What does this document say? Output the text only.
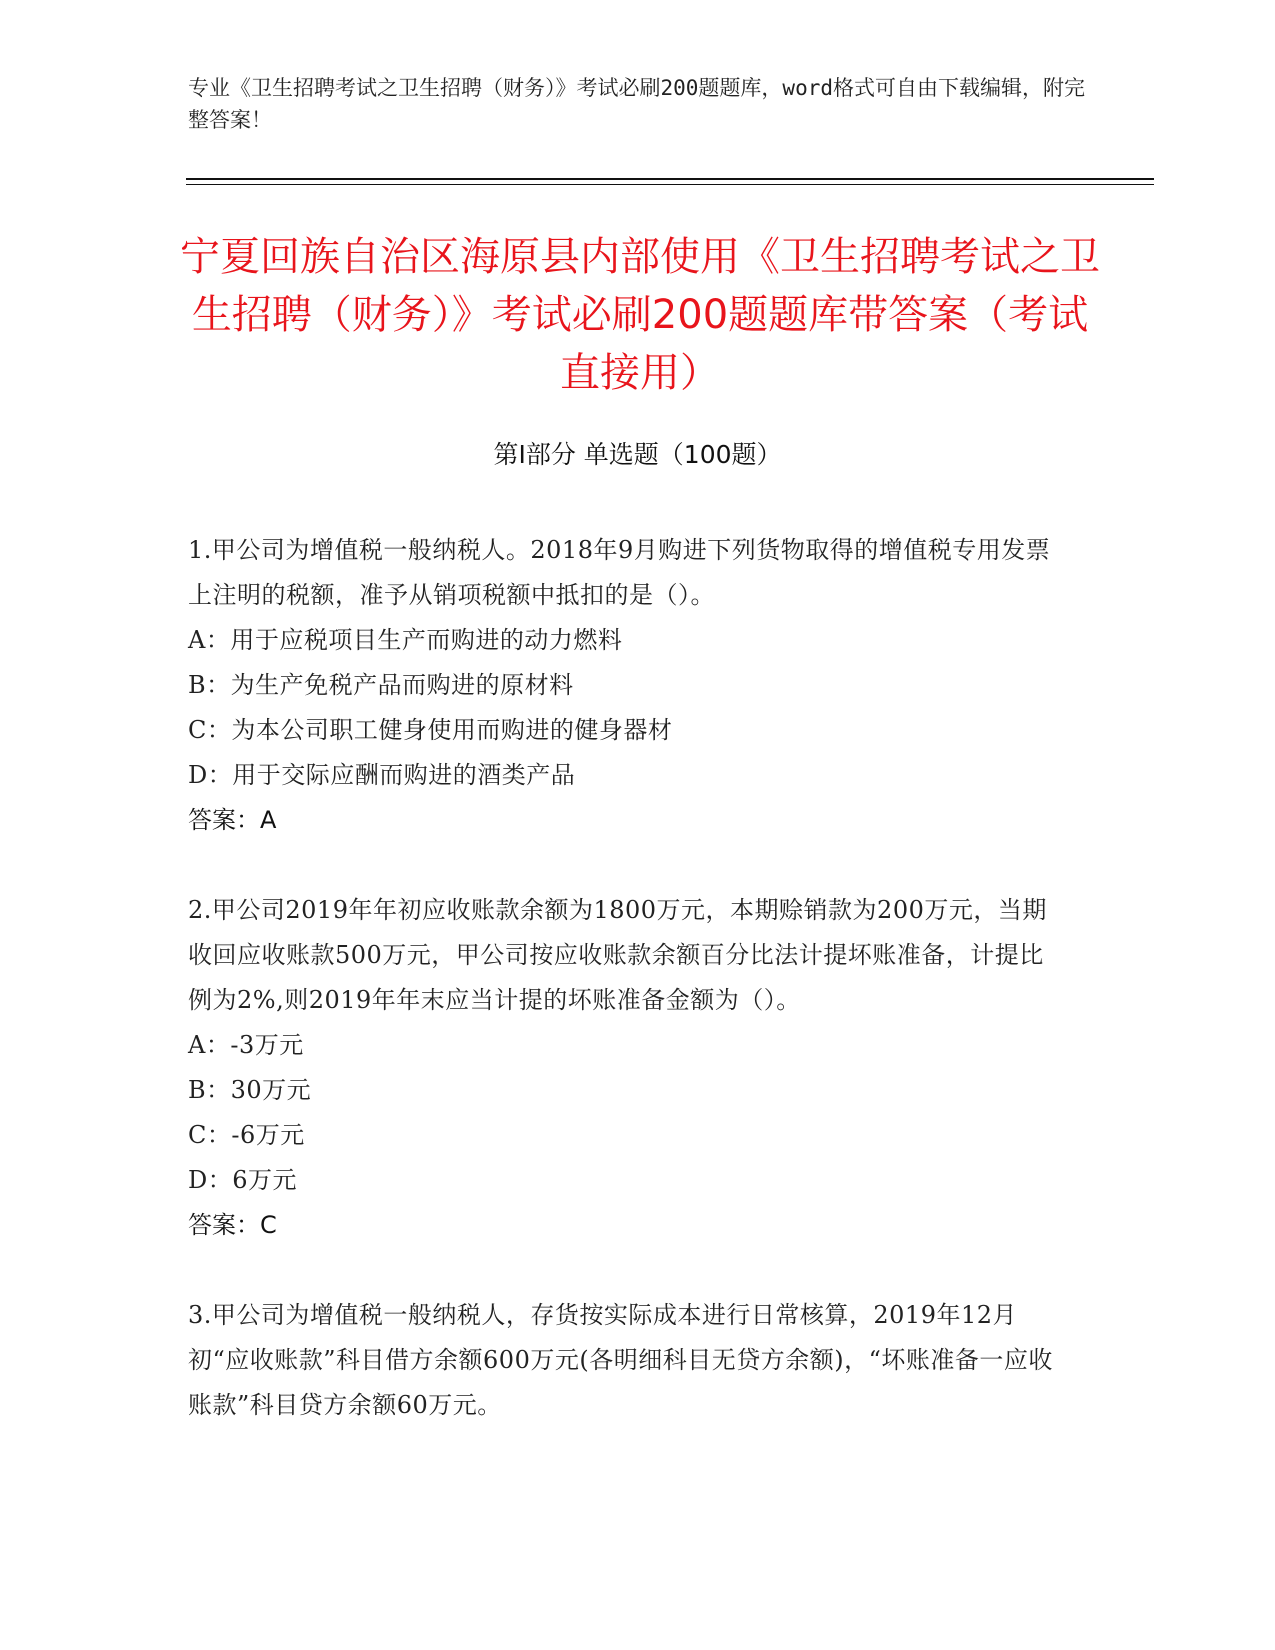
专业《卫生招聘考试之卫生招聘（财务）》考试必刷200题题库，word格式可自由下载编辑，附完整答案！
宁夏回族自治区海原县内部使用《卫生招聘考试之卫生招聘（财务）》考试必刷200题题库带答案（考试直接用）
第Ⅰ部分 单选题（100题）
1.甲公司为增值税一般纳税人。2018年9月购进下列货物取得的增值税专用发票上注明的税额，准予从销项税额中抵扣的是（）。
A：用于应税项目生产而购进的动力燃料
B：为生产免税产品而购进的原材料
C：为本公司职工健身使用而购进的健身器材
D：用于交际应酬而购进的酒类产品
答案：A
2.甲公司2019年年初应收账款余额为1800万元，本期赊销款为200万元，当期收回应收账款500万元，甲公司按应收账款余额百分比法计提坏账准备，计提比例为2%,则2019年年末应当计提的坏账准备金额为（）。
A：-3万元
B：30万元
C：-6万元
D：6万元
答案：C
3.甲公司为增值税一般纳税人，存货按实际成本进行日常核算，2019年12月初“应收账款”科目借方余额600万元(各明细科目无贷方余额)，“坏账准备一应收账款”科目贷方余额60万元。
